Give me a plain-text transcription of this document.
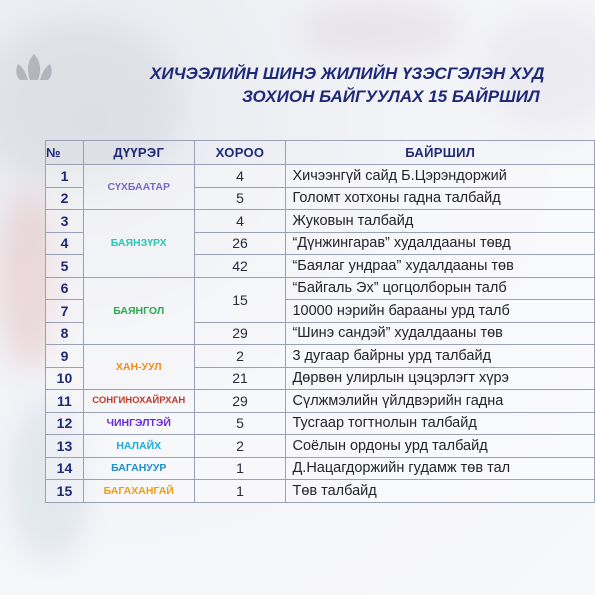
ХИЧЭЭЛИЙН ШИНЭ ЖИЛИЙН ҮЗЭСГЭЛЭН ХУД
ЗОХИОН БАЙГУУЛАХ 15 БАЙРШИЛ
№	ДҮҮРЭГ	ХОРОО	БАЙРШИЛ
1	СҮХБААТАР	4	Хичээнгүй сайд Б.Цэрэндоржий
2		5	Голомт хотхоны гадна талбайд
3	БАЯНЗҮРХ	4	Жуковын талбайд
4		26	“Дүнжингарав” худалдааны төвд
5		42	“Баялаг ундраа” худалдааны төв
6	БАЯНГОЛ	15	“Байгаль Эх” цогцолборын талб
7			10000 нэрийн барааны урд талб
8		29	“Шинэ сандэй” худалдааны төв
9	ХАН-УУЛ	2	3 дугаар байрны урд талбайд
10		21	Дөрвөн улирлын цэцэрлэгт хүрэ
11	СОНГИНОХАЙРХАН	29	Сүлжмэлийн үйлдвэрийн гадна
12	ЧИНГЭЛТЭЙ	5	Тусгаар тогтнолын талбайд
13	НАЛАЙХ	2	Соёлын ордоны урд талбайд
14	БАГАНУУР	1	Д.Нацагдоржийн гудамж төв тал
15	БАГАХАНГАЙ	1	Төв талбайд
